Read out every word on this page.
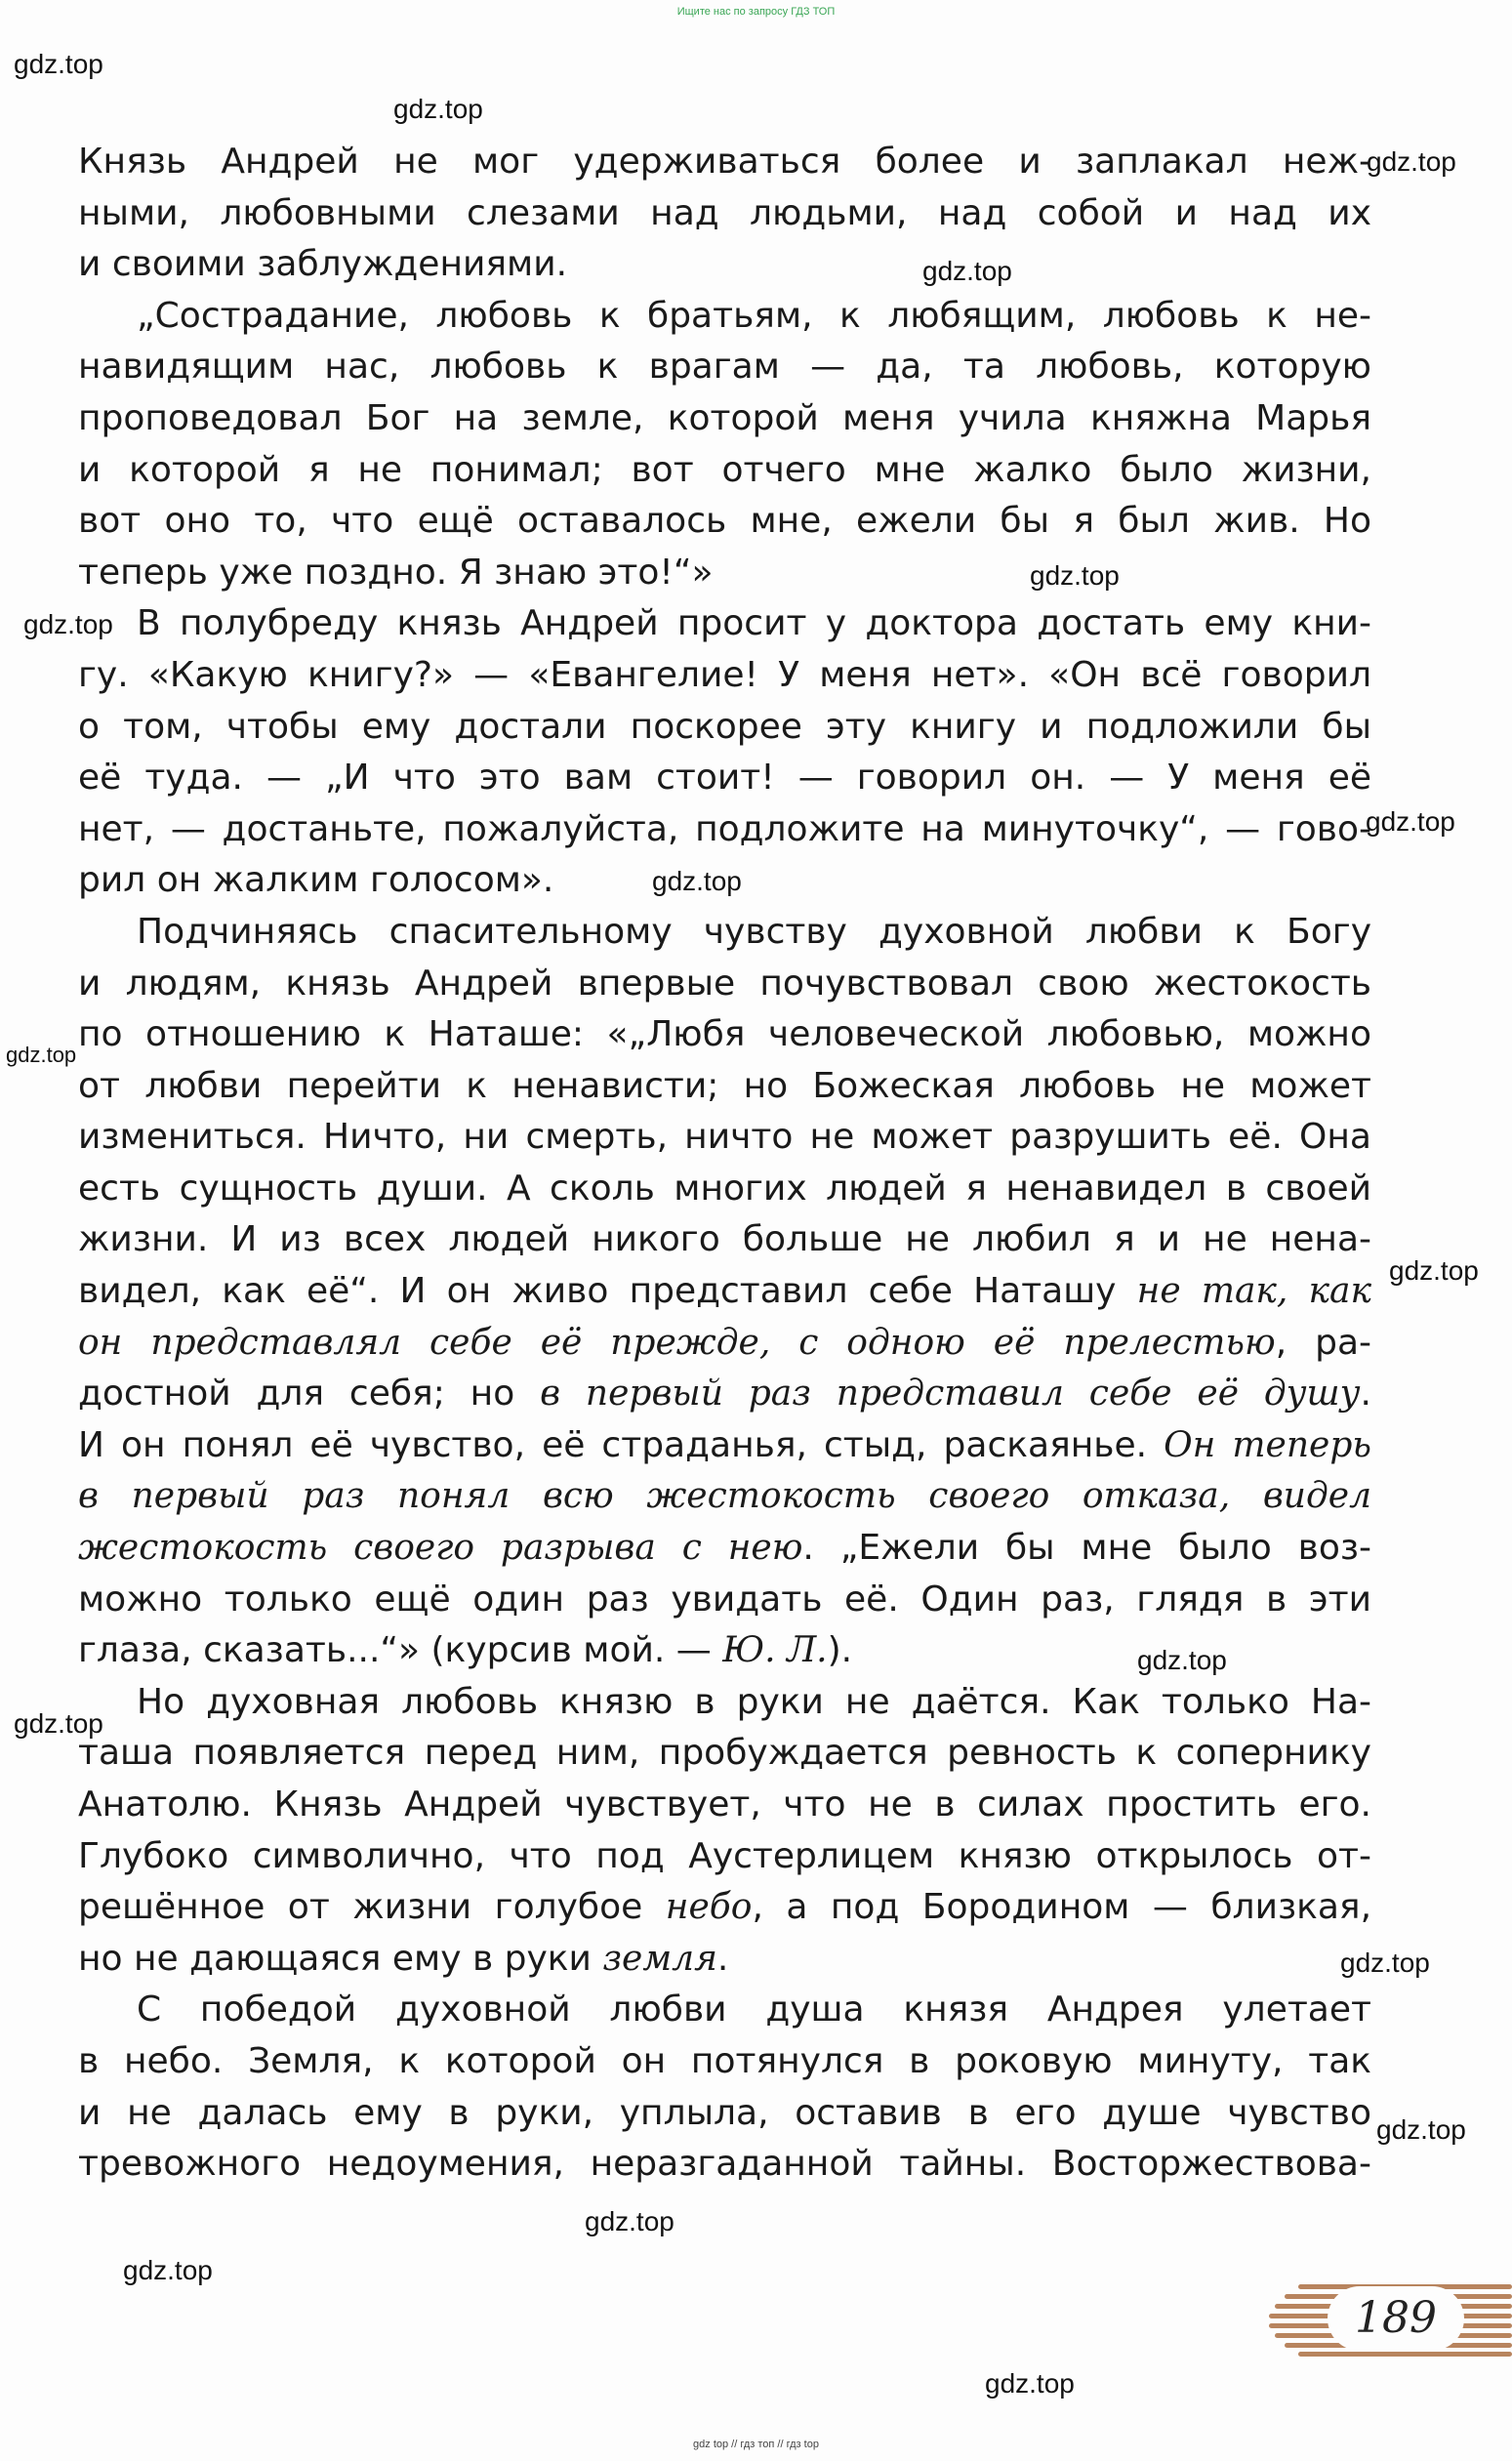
Ищите нас по запросу ГДЗ ТОП
gdz.top
gdz.top
gdz.top
gdz.top
gdz.top
gdz.top
gdz.top
gdz.top
gdz.top
gdz.top
gdz.top
gdz.top
gdz.top
gdz.top
gdz.top
gdz.top
gdz.top
Князь Андрей не мог удерживаться более и заплакал неж-
ными, любовными слезами над людьми, над собой и над их
и своими заблуждениями.
„Сострадание, любовь к братьям, к любящим, любовь к не-
навидящим нас, любовь к врагам — да, та любовь, которую
проповедовал Бог на земле, которой меня учила княжна Марья
и которой я не понимал; вот отчего мне жалко было жизни,
вот оно то, что ещё оставалось мне, ежели бы я был жив. Но
теперь уже поздно. Я знаю это!“»
В полубреду князь Андрей просит у доктора достать ему кни-
гу. «Какую книгу?» — «Евангелие! У меня нет». «Он всё говорил
о том, чтобы ему достали поскорее эту книгу и подложили бы
её туда. — „И что это вам стоит! — говорил он. — У меня её
нет, — достаньте, пожалуйста, подложите на минуточку“, — гово-
рил он жалким голосом».
Подчиняясь спасительному чувству духовной любви к Богу
и людям, князь Андрей впервые почувствовал свою жестокость
по отношению к Наташе: «„Любя человеческой любовью, можно
от любви перейти к ненависти; но Божеская любовь не может
измениться. Ничто, ни смерть, ничто не может разрушить её. Она
есть сущность души. А сколь многих людей я ненавидел в своей
жизни. И из всех людей никого больше не любил я и не нена-
видел, как её“. И он живо представил себе Наташу не так, как
он представлял себе её прежде, с одною её прелестью, ра-
достной для себя; но в первый раз представил себе её душу.
И он понял её чувство, её страданья, стыд, раскаянье. Он теперь
в первый раз понял всю жестокость своего отказа, видел
жестокость своего разрыва с нею. „Ежели бы мне было воз-
можно только ещё один раз увидать её. Один раз, глядя в эти
глаза, сказать...“» (курсив мой. — Ю. Л.).
Но духовная любовь князю в руки не даётся. Как только На-
таша появляется перед ним, пробуждается ревность к сопернику
Анатолю. Князь Андрей чувствует, что не в силах простить его.
Глубоко символично, что под Аустерлицем князю открылось от-
решённое от жизни голубое небо, а под Бородином — близкая,
но не дающаяся ему в руки земля.
С победой духовной любви душа князя Андрея улетает
в небо. Земля, к которой он потянулся в роковую минуту, так
и не далась ему в руки, уплыла, оставив в его душе чувство
тревожного недоумения, неразгаданной тайны. Восторжествова-
189
gdz top // гдз топ // гдз top
